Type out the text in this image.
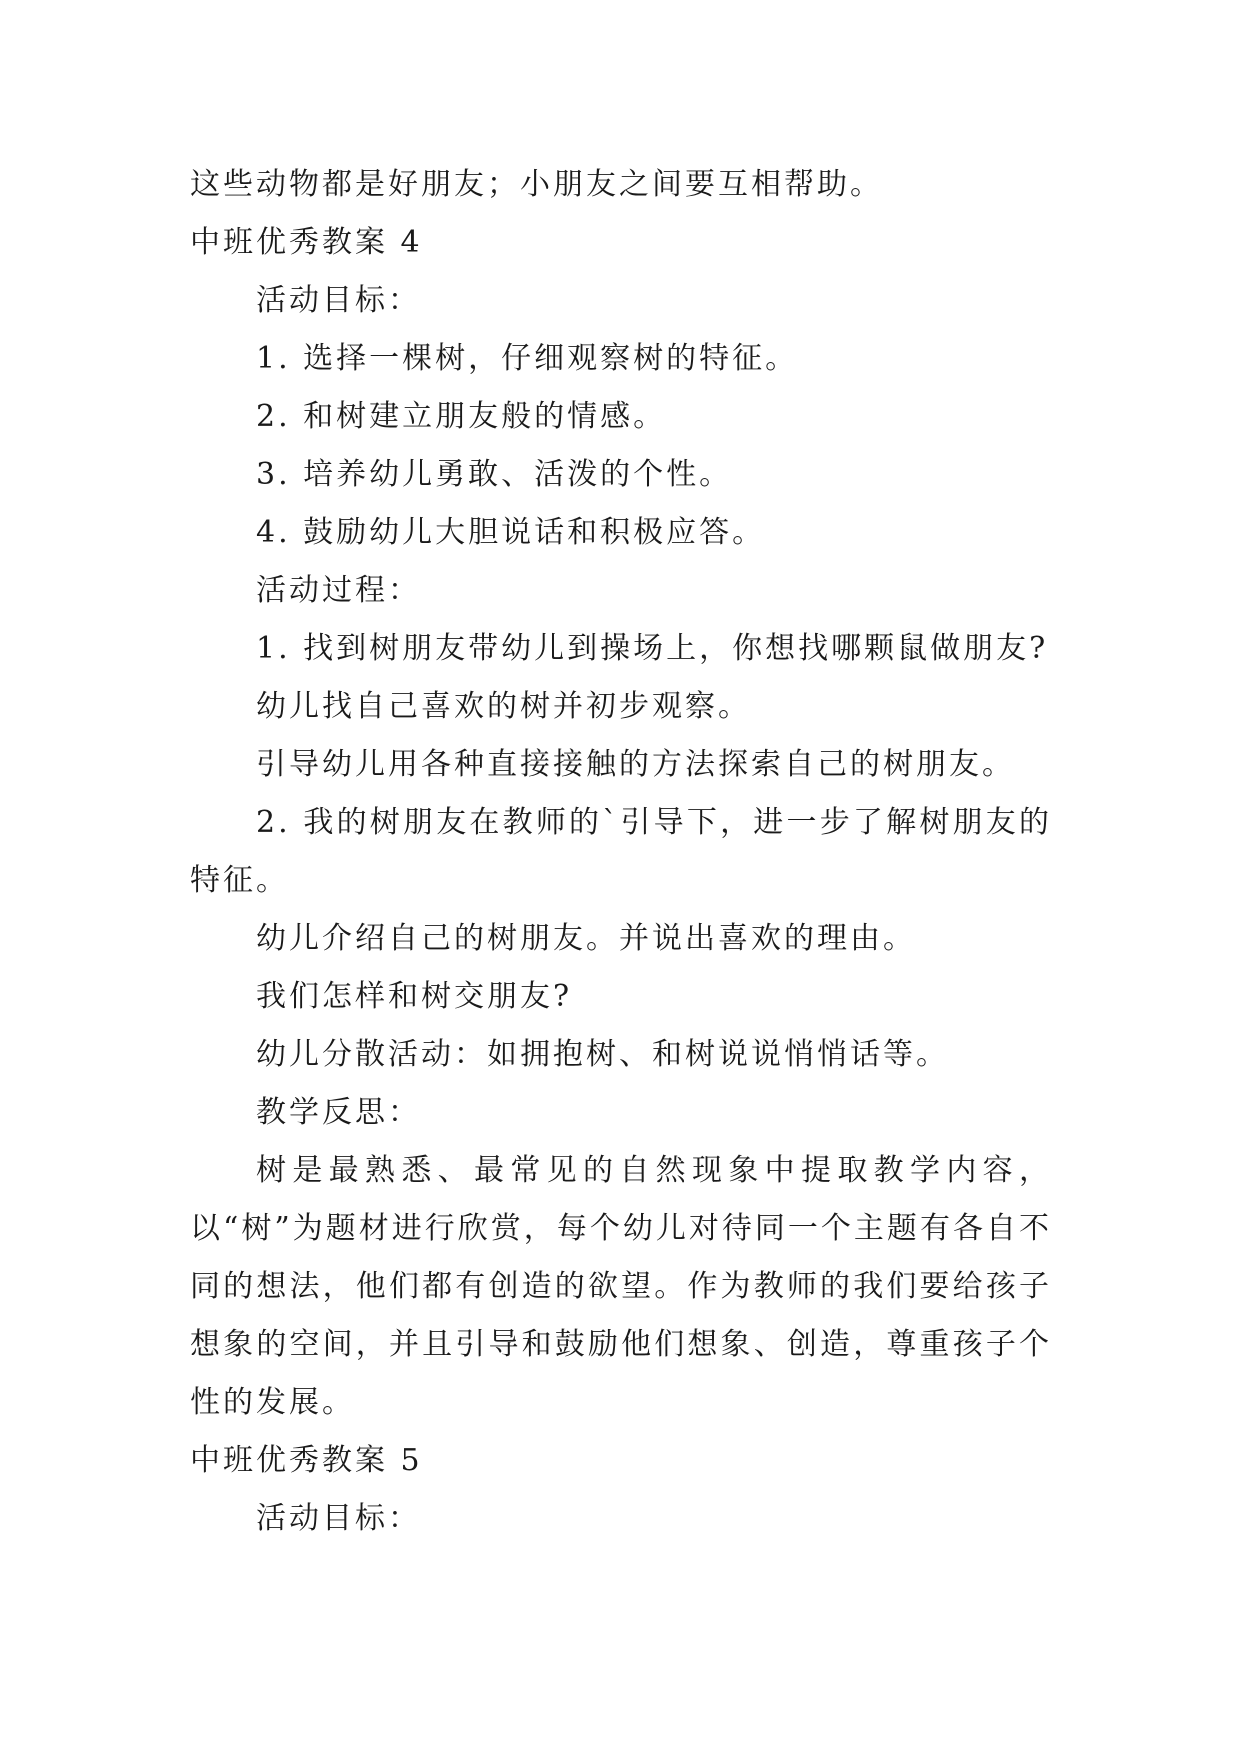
这些动物都是好朋友；小朋友之间要互相帮助。

中班优秀教案 4

活动目标：

1. 选择一棵树，仔细观察树的特征。

2. 和树建立朋友般的情感。

3. 培养幼儿勇敢、活泼的个性。

4. 鼓励幼儿大胆说话和积极应答。

活动过程：

1. 找到树朋友带幼儿到操场上，你想找哪颗鼠做朋友?

幼儿找自己喜欢的树并初步观察。

引导幼儿用各种直接接触的方法探索自己的树朋友。

2. 我的树朋友在教师的`引导下，进一步了解树朋友的特征。

幼儿介绍自己的树朋友。并说出喜欢的理由。

我们怎样和树交朋友?

幼儿分散活动：如拥抱树、和树说说悄悄话等。

教学反思：

树是最熟悉、最常见的自然现象中提取教学内容，以“树”为题材进行欣赏，每个幼儿对待同一个主题有各自不同的想法，他们都有创造的欲望。作为教师的我们要给孩子想象的空间，并且引导和鼓励他们想象、创造，尊重孩子个性的发展。

中班优秀教案 5

活动目标：
